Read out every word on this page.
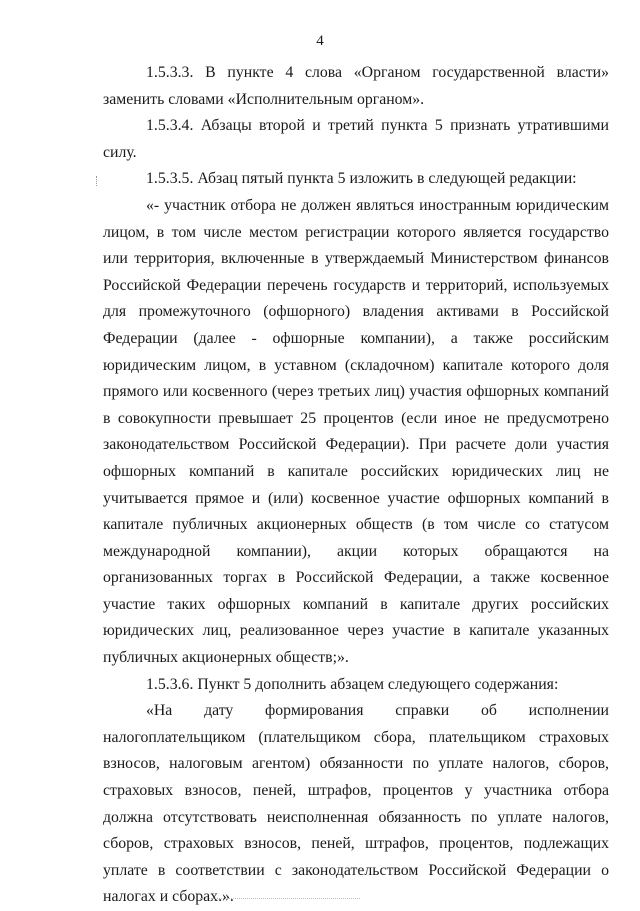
4

1.5.3.3. В пункте 4 слова «Органом государственной власти» заменить словами «Исполнительным органом».

1.5.3.4. Абзацы второй и третий пункта 5 признать утратившими силу.

1.5.3.5. Абзац пятый пункта 5 изложить в следующей редакции:

«- участник отбора не должен являться иностранным юридическим лицом, в том числе местом регистрации которого является государство или территория, включенные в утверждаемый Министерством финансов Российской Федерации перечень государств и территорий, используемых для промежуточного (офшорного) владения активами в Российской Федерации (далее - офшорные компании), а также российским юридическим лицом, в уставном (складочном) капитале которого доля прямого или косвенного (через третьих лиц) участия офшорных компаний в совокупности превышает 25 процентов (если иное не предусмотрено законодательством Российской Федерации). При расчете доли участия офшорных компаний в капитале российских юридических лиц не учитывается прямое и (или) косвенное участие офшорных компаний в капитале публичных акционерных обществ (в том числе со статусом международной компании), акции которых обращаются на организованных торгах в Российской Федерации, а также косвенное участие таких офшорных компаний в капитале других российских юридических лиц, реализованное через участие в капитале указанных публичных акционерных обществ;».

1.5.3.6. Пункт 5 дополнить абзацем следующего содержания:

«На дату формирования справки об исполнении налогоплательщиком (плательщиком сбора, плательщиком страховых взносов, налоговым агентом) обязанности по уплате налогов, сборов, страховых взносов, пеней, штрафов, процентов у участника отбора должна отсутствовать неисполненная обязанность по уплате налогов, сборов, страховых взносов, пеней, штрафов, процентов, подлежащих уплате в соответствии с законодательством Российской Федерации о налогах и сборах.».
